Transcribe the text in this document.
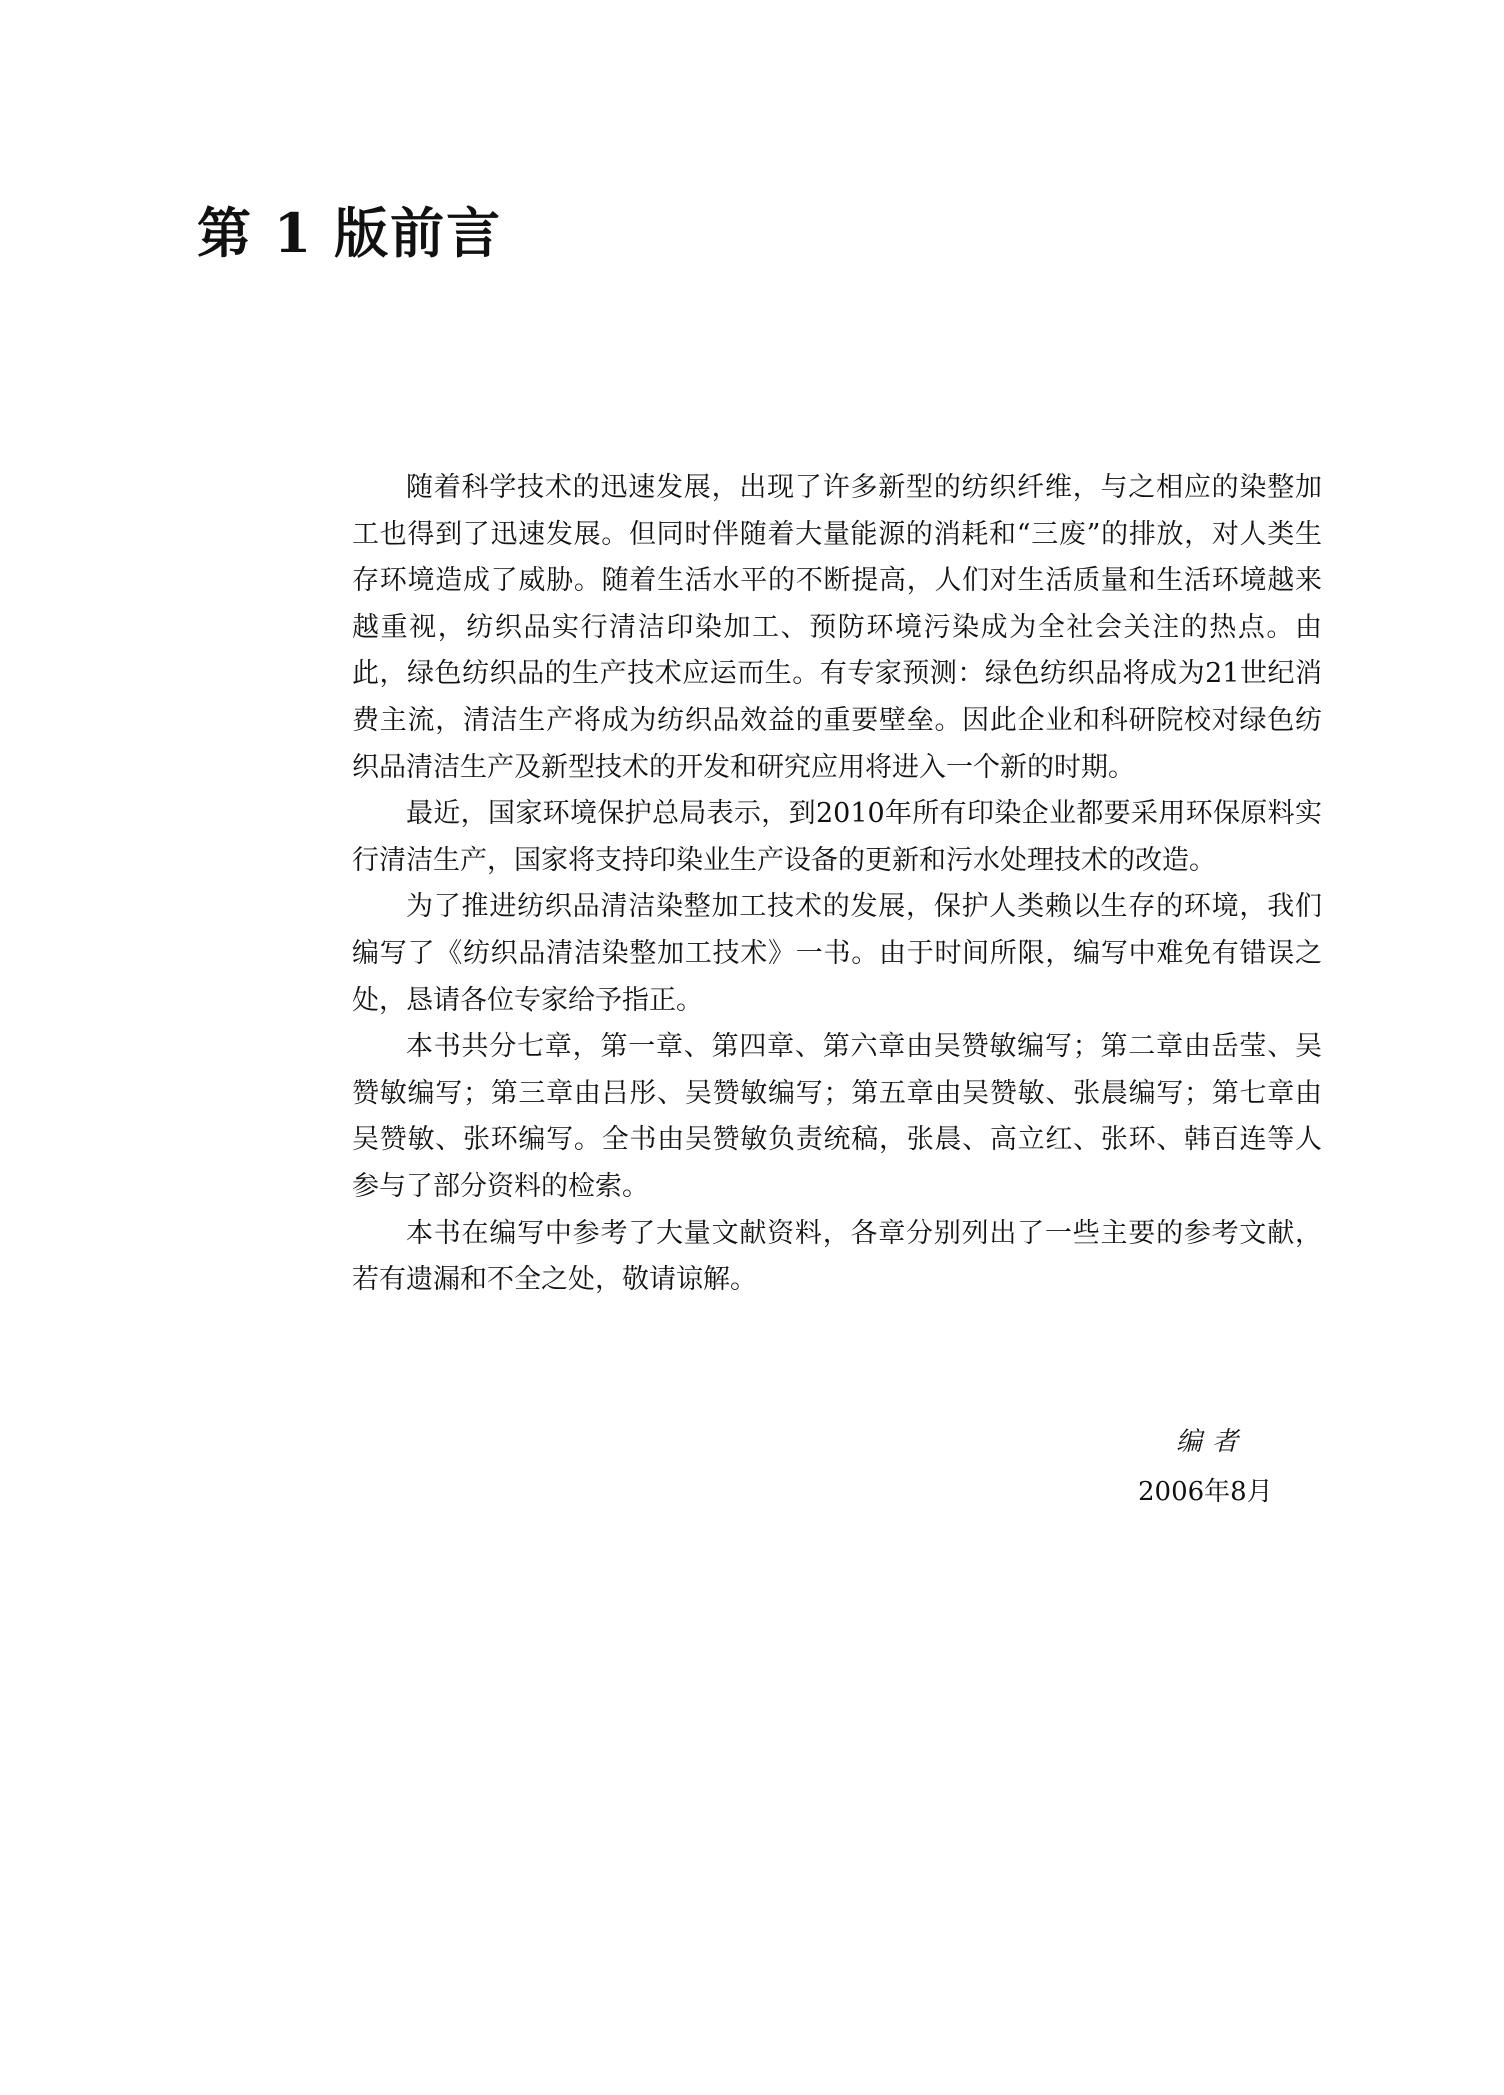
第 1 版前言

随着科学技术的迅速发展，出现了许多新型的纺织纤维，与之相应的染整加工也得到了迅速发展。但同时伴随着大量能源的消耗和“三废”的排放，对人类生存环境造成了威胁。随着生活水平的不断提高，人们对生活质量和生活环境越来越重视，纺织品实行清洁印染加工、预防环境污染成为全社会关注的热点。由此，绿色纺织品的生产技术应运而生。有专家预测：绿色纺织品将成为21世纪消费主流，清洁生产将成为纺织品效益的重要壁垒。因此企业和科研院校对绿色纺织品清洁生产及新型技术的开发和研究应用将进入一个新的时期。

最近，国家环境保护总局表示，到2010年所有印染企业都要采用环保原料实行清洁生产，国家将支持印染业生产设备的更新和污水处理技术的改造。

为了推进纺织品清洁染整加工技术的发展，保护人类赖以生存的环境，我们编写了《纺织品清洁染整加工技术》一书。由于时间所限，编写中难免有错误之处，恳请各位专家给予指正。

本书共分七章，第一章、第四章、第六章由吴赞敏编写；第二章由岳莹、吴赞敏编写；第三章由吕彤、吴赞敏编写；第五章由吴赞敏、张晨编写；第七章由吴赞敏、张环编写。全书由吴赞敏负责统稿，张晨、高立红、张环、韩百连等人参与了部分资料的检索。

本书在编写中参考了大量文献资料，各章分别列出了一些主要的参考文献，若有遗漏和不全之处，敬请谅解。

编者
2006年8月
